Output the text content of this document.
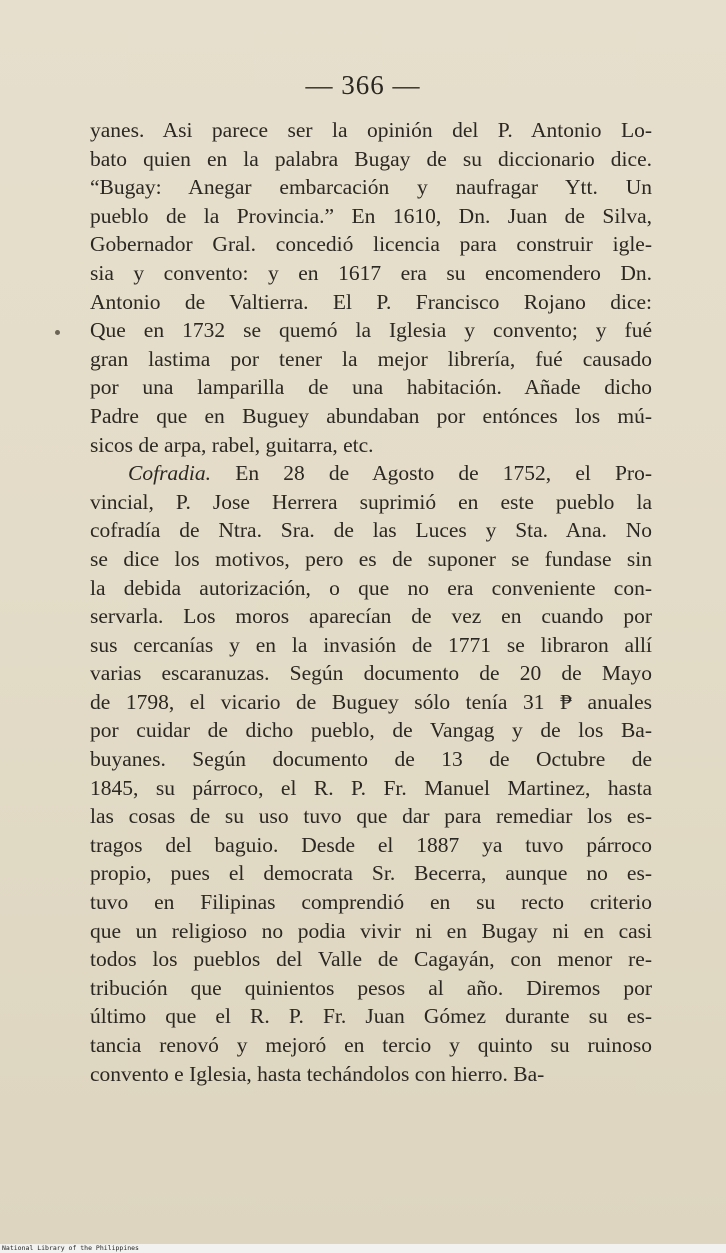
— 366 —
yanes. Asi parece ser la opinión del P. Antonio Lo-
bato quien en la palabra Bugay de su diccionario dice.
“Bugay: Anegar embarcación y naufragar Ytt. Un
pueblo de la Provincia.” En 1610, Dn. Juan de Silva,
Gobernador Gral. concedió licencia para construir igle-
sia y convento: y en 1617 era su encomendero Dn.
Antonio de Valtierra. El P. Francisco Rojano dice:
Que en 1732 se quemó la Iglesia y convento; y fué
gran lastima por tener la mejor librería, fué causado
por una lamparilla de una habitación. Añade dicho
Padre que en Buguey abundaban por entónces los mú-
sicos de arpa, rabel, guitarra, etc.
Cofradia. En 28 de Agosto de 1752, el Pro-
vincial, P. Jose Herrera suprimió en este pueblo la
cofradía de Ntra. Sra. de las Luces y Sta. Ana. No
se dice los motivos, pero es de suponer se fundase sin
la debida autorización, o que no era conveniente con-
servarla. Los moros aparecían de vez en cuando por
sus cercanías y en la invasión de 1771 se libraron allí
varias escaranuzas. Según documento de 20 de Mayo
de 1798, el vicario de Buguey sólo tenía 31 ₱ anuales
por cuidar de dicho pueblo, de Vangag y de los Ba-
buyanes. Según documento de 13 de Octubre de
1845, su párroco, el R. P. Fr. Manuel Martinez, hasta
las cosas de su uso tuvo que dar para remediar los es-
tragos del baguio. Desde el 1887 ya tuvo párroco
propio, pues el democrata Sr. Becerra, aunque no es-
tuvo en Filipinas comprendió en su recto criterio
que un religioso no podia vivir ni en Bugay ni en casi
todos los pueblos del Valle de Cagayán, con menor re-
tribución que quinientos pesos al año. Diremos por
último que el R. P. Fr. Juan Gómez durante su es-
tancia renovó y mejoró en tercio y quinto su ruinoso
convento e Iglesia, hasta techándolos con hierro. Ba-
National Library of the Philippines
